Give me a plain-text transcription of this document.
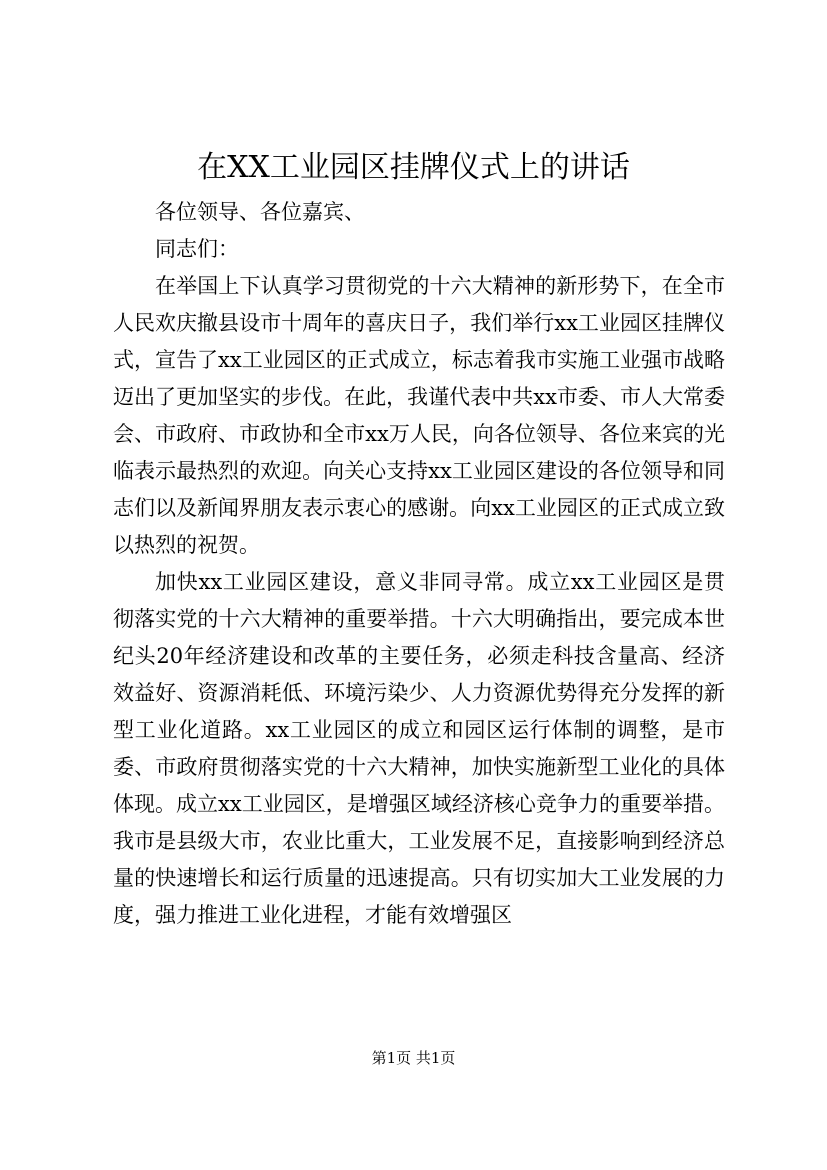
在XX工业园区挂牌仪式上的讲话

各位领导、各位嘉宾、

同志们：

在举国上下认真学习贯彻党的十六大精神的新形势下，在全市人民欢庆撤县设市十周年的喜庆日子，我们举行xx工业园区挂牌仪式，宣告了xx工业园区的正式成立，标志着我市实施工业强市战略迈出了更加坚实的步伐。在此，我谨代表中共xx市委、市人大常委会、市政府、市政协和全市xx万人民，向各位领导、各位来宾的光临表示最热烈的欢迎。向关心支持xx工业园区建设的各位领导和同志们以及新闻界朋友表示衷心的感谢。向xx工业园区的正式成立致以热烈的祝贺。

加快xx工业园区建设，意义非同寻常。成立xx工业园区是贯彻落实党的十六大精神的重要举措。十六大明确指出，要完成本世纪头20年经济建设和改革的主要任务，必须走科技含量高、经济效益好、资源消耗低、环境污染少、人力资源优势得充分发挥的新型工业化道路。xx工业园区的成立和园区运行体制的调整，是市委、市政府贯彻落实党的十六大精神，加快实施新型工业化的具体体现。成立xx工业园区，是增强区域经济核心竞争力的重要举措。我市是县级大市，农业比重大，工业发展不足，直接影响到经济总量的快速增长和运行质量的迅速提高。只有切实加大工业发展的力度，强力推进工业化进程，才能有效增强区

第1页 共1页
